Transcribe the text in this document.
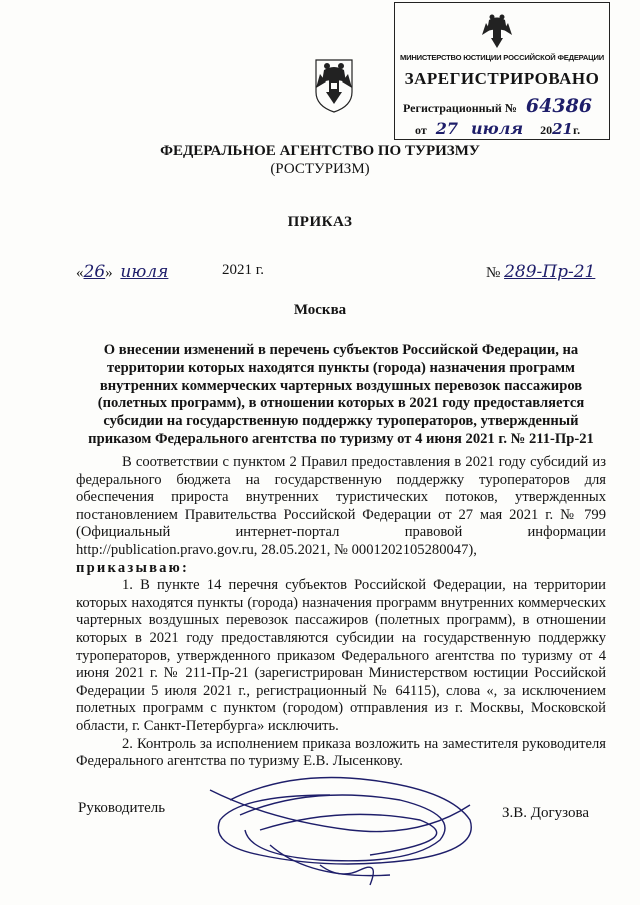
МИНИСТЕРСТВО ЮСТИЦИИ РОССИЙСКОЙ ФЕДЕРАЦИИ
ЗАРЕГИСТРИРОВАНО
Регистрационный № 64386
от 27 июля 2021г.
ФЕДЕРАЛЬНОЕ АГЕНТСТВО ПО ТУРИЗМУ
(РОСТУРИЗМ)
ПРИКАЗ
«26» июля	2021 г.	№ 289-Пр-21
Москва
О внесении изменений в перечень субъектов Российской Федерации, на территории которых находятся пункты (города) назначения программ внутренних коммерческих чартерных воздушных перевозок пассажиров (полетных программ), в отношении которых в 2021 году предоставляется субсидии на государственную поддержку туроператоров, утвержденный приказом Федерального агентства по туризму от 4 июня 2021 г. № 211-Пр-21

В соответствии с пунктом 2 Правил предоставления в 2021 году субсидий из федерального бюджета на государственную поддержку туроператоров для обеспечения прироста внутренних туристических потоков, утвержденных постановлением Правительства Российской Федерации от 27 мая 2021 г. № 799 (Официальный интернет-портал правовой информации http://publication.pravo.gov.ru, 28.05.2021, № 0001202105280047),

приказываю:

1. В пункте 14 перечня субъектов Российской Федерации, на территории которых находятся пункты (города) назначения программ внутренних коммерческих чартерных воздушных перевозок пассажиров (полетных программ), в отношении которых в 2021 году предоставляются субсидии на государственную поддержку туроператоров, утвержденного приказом Федерального агентства по туризму от 4 июня 2021 г. № 211-Пр-21 (зарегистрирован Министерством юстиции Российской Федерации 5 июля 2021 г., регистрационный № 64115), слова «, за исключением полетных программ с пунктом (городом) отправления из г. Москвы, Московской области, г. Санкт-Петербурга» исключить.

2. Контроль за исполнением приказа возложить на заместителя руководителя Федерального агентства по туризму Е.В. Лысенкову.

Руководитель	З.В. Догузова
